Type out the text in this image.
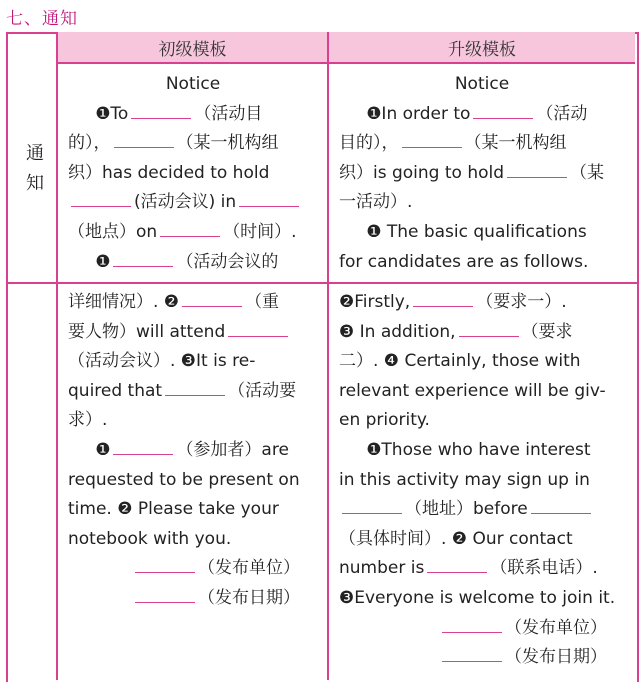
七、通知
初级模板	升级模板
通知

Notice

❶To	（活动目

的），	（某一机构组

织）has decided to hold

(活动会议) in

（地点）on	（时间）.

❶	（活动会议的

详细情况）. ❷	（重

要人物）will attend

（活动会议）. ❸It is re-

quired that	（活动要

求）.

❶	（参加者）are

requested to be present on

time. ❷ Please take your

notebook with you.

（发布单位）

（发布日期）

Notice

❶In order to	（活动

目的），	（某一机构组

织）is going to hold	（某

一活动）.

❶ The basic qualifications

for candidates are as follows.

❷Firstly,	（要求一）.

❸ In addition,	（要求

二）. ❹ Certainly, those with

relevant experience will be giv-

en priority.

❶Those who have interest

in this activity may sign up in

（地址）before

（具体时间）. ❷ Our contact

number is	（联系电话）.

❸Everyone is welcome to join it.

（发布单位）

（发布日期）
